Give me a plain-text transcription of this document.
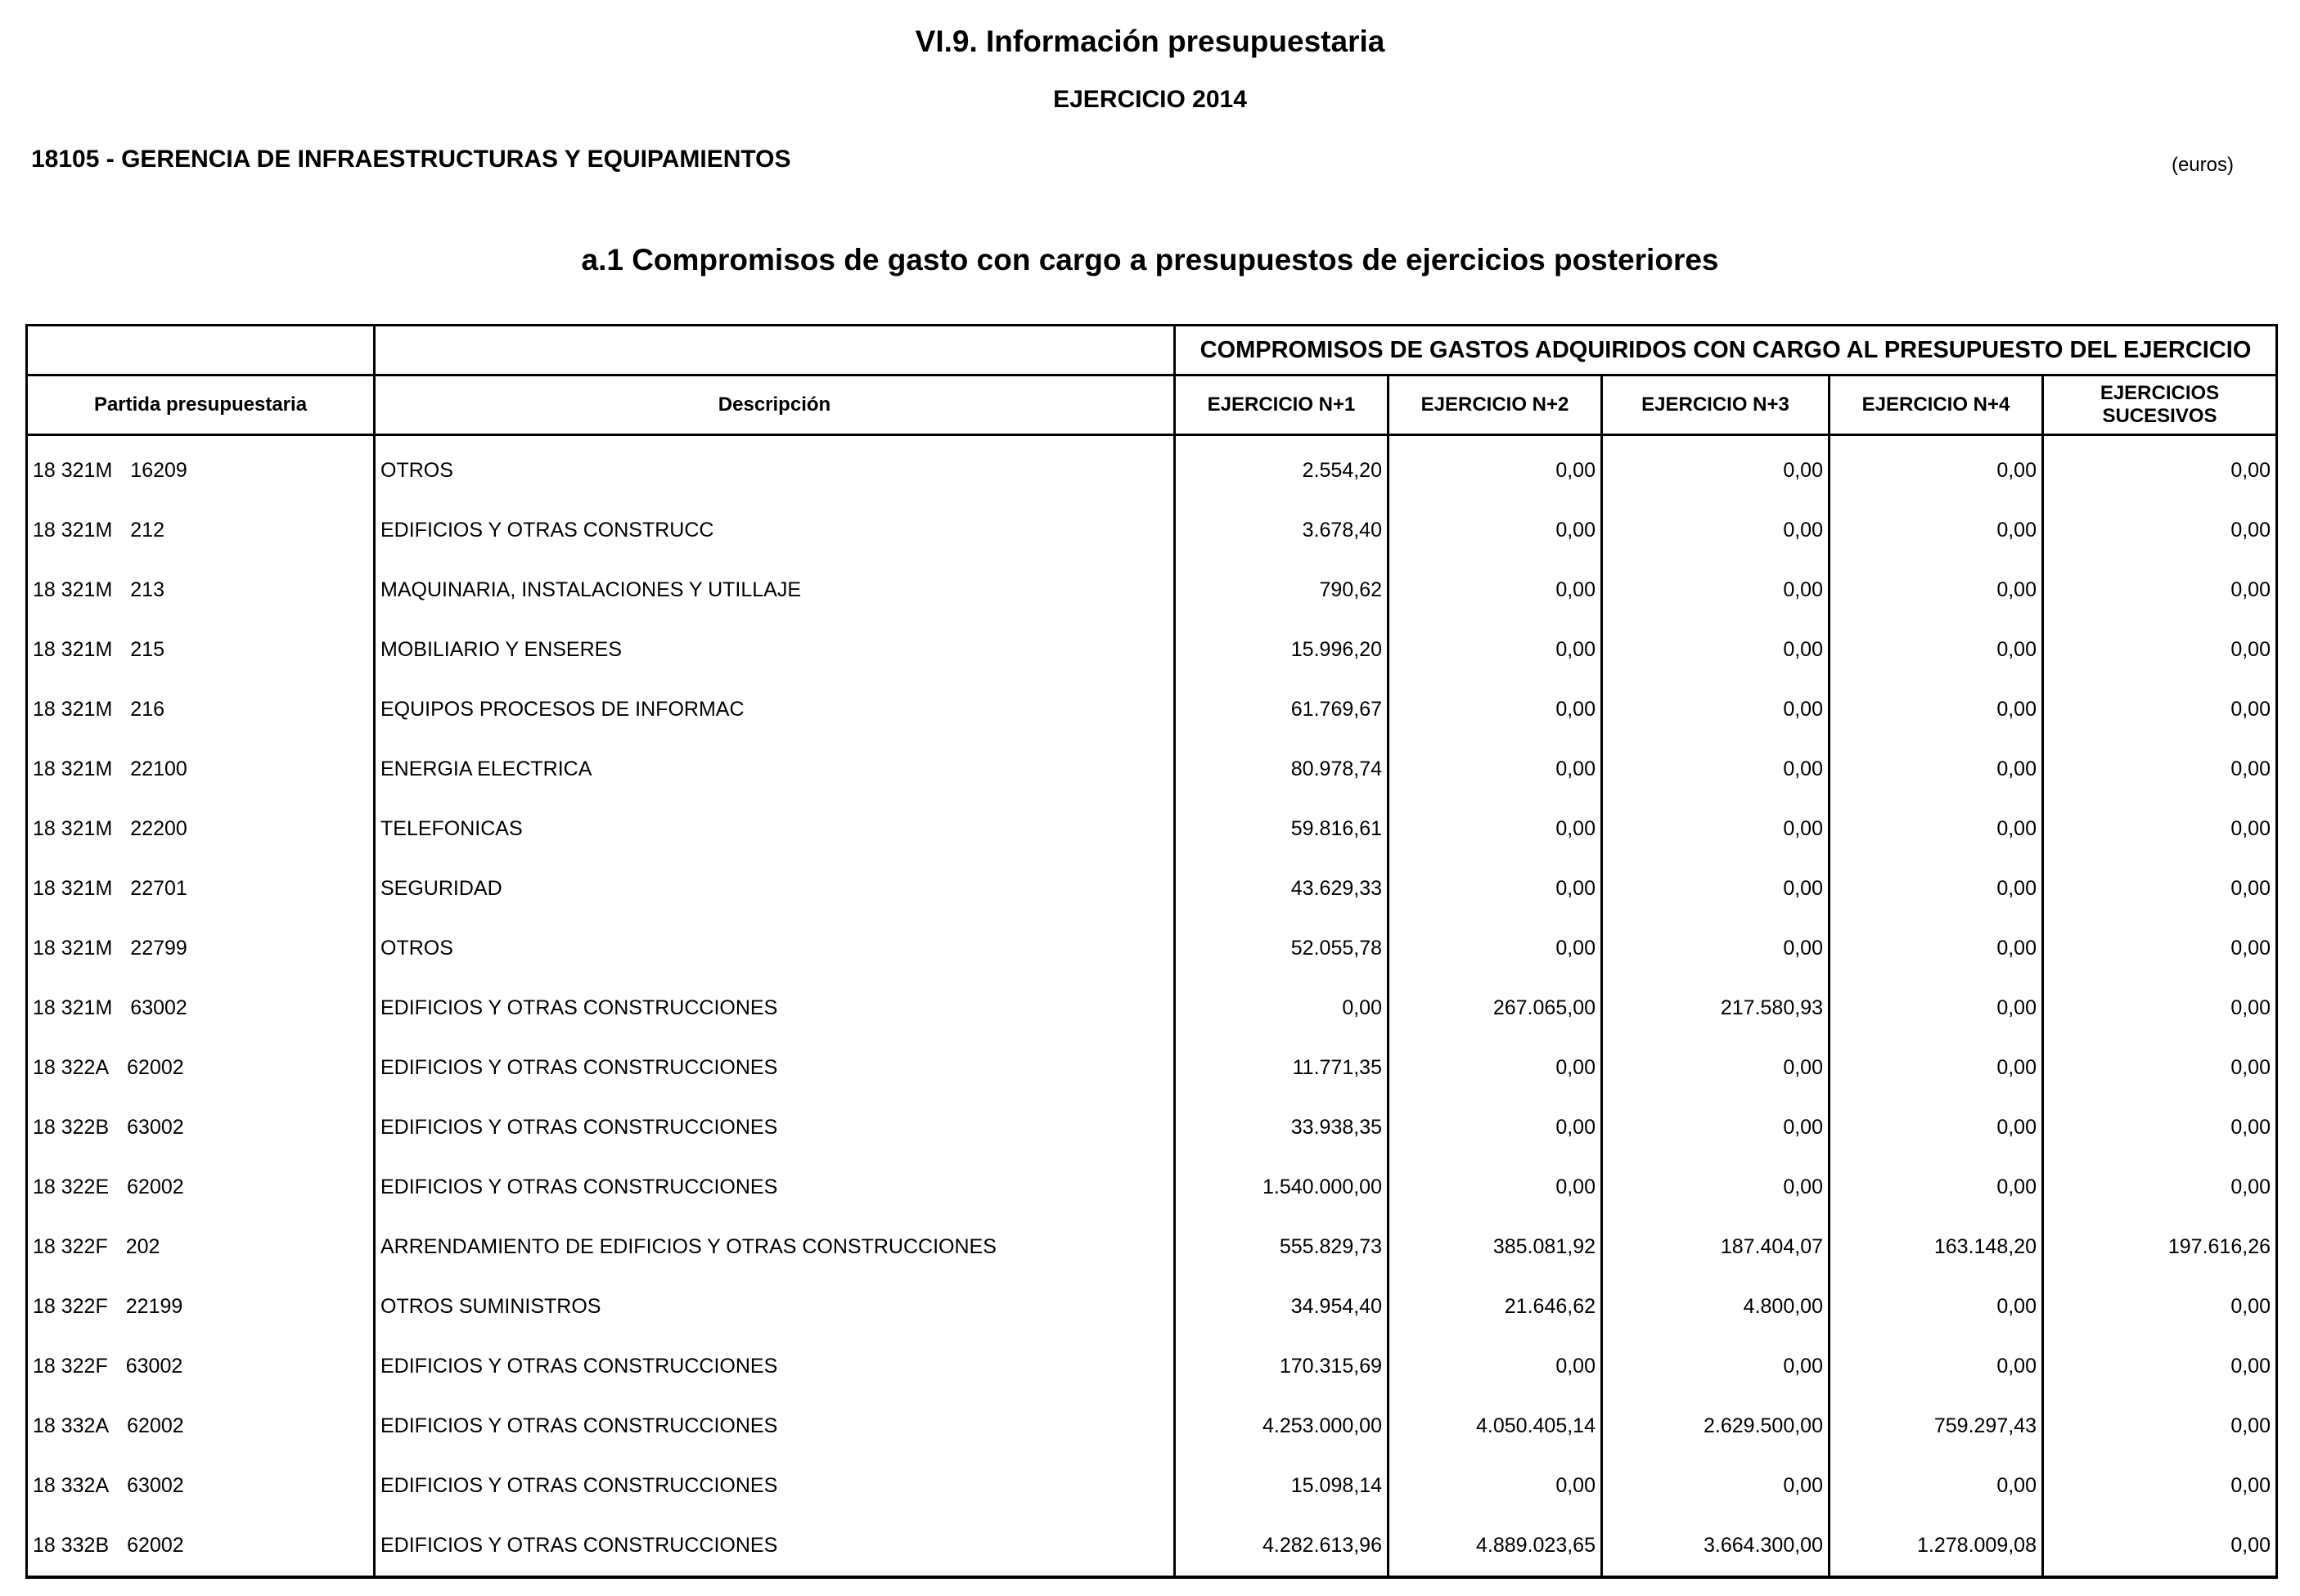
VI.9. Información presupuestaria
EJERCICIO 2014
18105 - GERENCIA DE INFRAESTRUCTURAS Y EQUIPAMIENTOS	(euros)
a.1 Compromisos de gasto con cargo a presupuestos de ejercicios posteriores
		COMPROMISOS DE GASTOS ADQUIRIDOS CON CARGO AL PRESUPUESTO DEL EJERCICIO				
Partida presupuestaria	Descripción	EJERCICIO N+1	EJERCICIO N+2	EJERCICIO N+3	EJERCICIO N+4	EJERCICIOS
SUCESIVOS

18 321M 16209	OTROS	2.554,20	0,00	0,00	0,00	0,00
18 321M 212	EDIFICIOS Y OTRAS CONSTRUCC	3.678,40	0,00	0,00	0,00	0,00
18 321M 213	MAQUINARIA, INSTALACIONES Y UTILLAJE	790,62	0,00	0,00	0,00	0,00
18 321M 215	MOBILIARIO Y ENSERES	15.996,20	0,00	0,00	0,00	0,00
18 321M 216	EQUIPOS PROCESOS DE INFORMAC	61.769,67	0,00	0,00	0,00	0,00
18 321M 22100	ENERGIA ELECTRICA	80.978,74	0,00	0,00	0,00	0,00
18 321M 22200	TELEFONICAS	59.816,61	0,00	0,00	0,00	0,00
18 321M 22701	SEGURIDAD	43.629,33	0,00	0,00	0,00	0,00
18 321M 22799	OTROS	52.055,78	0,00	0,00	0,00	0,00
18 321M 63002	EDIFICIOS Y OTRAS CONSTRUCCIONES	0,00	267.065,00	217.580,93	0,00	0,00
18 322A 62002	EDIFICIOS Y OTRAS CONSTRUCCIONES	11.771,35	0,00	0,00	0,00	0,00
18 322B 63002	EDIFICIOS Y OTRAS CONSTRUCCIONES	33.938,35	0,00	0,00	0,00	0,00
18 322E 62002	EDIFICIOS Y OTRAS CONSTRUCCIONES	1.540.000,00	0,00	0,00	0,00	0,00
18 322F 202	ARRENDAMIENTO DE EDIFICIOS Y OTRAS CONSTRUCCIONES	555.829,73	385.081,92	187.404,07	163.148,20	197.616,26
18 322F 22199	OTROS SUMINISTROS	34.954,40	21.646,62	4.800,00	0,00	0,00
18 322F 63002	EDIFICIOS Y OTRAS CONSTRUCCIONES	170.315,69	0,00	0,00	0,00	0,00
18 332A 62002	EDIFICIOS Y OTRAS CONSTRUCCIONES	4.253.000,00	4.050.405,14	2.629.500,00	759.297,43	0,00
18 332A 63002	EDIFICIOS Y OTRAS CONSTRUCCIONES	15.098,14	0,00	0,00	0,00	0,00
18 332B 62002	EDIFICIOS Y OTRAS CONSTRUCCIONES	4.282.613,96	4.889.023,65	3.664.300,00	1.278.009,08	0,00
